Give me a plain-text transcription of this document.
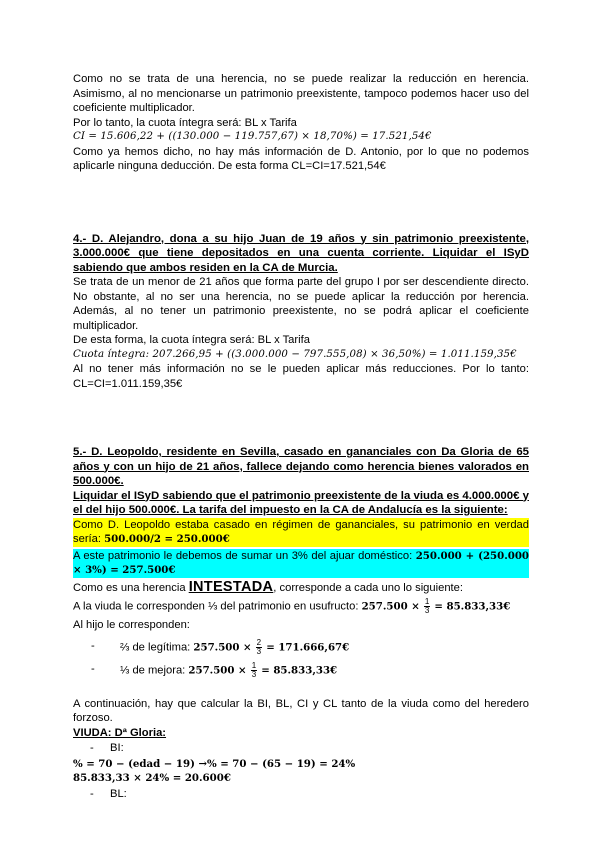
Como no se trata de una herencia, no se puede realizar la reducción en herencia. Asimismo, al no mencionarse un patrimonio preexistente, tampoco podemos hacer uso del coeficiente multiplicador.

Por lo tanto, la cuota íntegra será: BL x Tarifa

CI = 15.606,22 + ((130.000 − 119.757,67) × 18,70%) = 17.521,54€

Como ya hemos dicho, no hay más información de D. Antonio, por lo que no podemos aplicarle ninguna deducción. De esta forma CL=CI=17.521,54€

4.- D. Alejandro, dona a su hijo Juan de 19 años y sin patrimonio preexistente, 3.000.000€ que tiene depositados en una cuenta corriente. Liquidar el ISyD sabiendo que ambos residen en la CA de Murcia.

Se trata de un menor de 21 años que forma parte del grupo I por ser descendiente directo. No obstante, al no ser una herencia, no se puede aplicar la reducción por herencia. Además, al no tener un patrimonio preexistente, no se podrá aplicar el coeficiente multiplicador.

De esta forma, la cuota íntegra será: BL x Tarifa

Cuota íntegra: 207.266,95 + ((3.000.000 − 797.555,08) × 36,50%) = 1.011.159,35€

Al no tener más información no se le pueden aplicar más reducciones. Por lo tanto: CL=CI=1.011.159,35€

5.- D. Leopoldo, residente en Sevilla, casado en gananciales con Da Gloria de 65 años y con un hijo de 21 años, fallece dejando como herencia bienes valorados en 500.000€.

Liquidar el ISyD sabiendo que el patrimonio preexistente de la viuda es 4.000.000€ y el del hijo 500.000€. La tarifa del impuesto en la CA de Andalucía es la siguiente:

Como D. Leopoldo estaba casado en régimen de gananciales, su patrimonio en verdad sería: 500.000/2 = 250.000€

A este patrimonio le debemos de sumar un 3% del ajuar doméstico: 250.000 + (250.000 × 3%) = 257.500€

Como es una herencia INTESTADA, corresponde a cada uno lo siguiente:

A la viuda le corresponden ⅓ del patrimonio en usufructo: $257.500 \times \frac{1}{3}$ = 85.833,33€

Al hijo le corresponden:

- ⅔ de legítima: $257.500 \times \frac{2}{3}$ = 171.666,67€
- ⅓ de mejora: $257.500 \times \frac{1}{3}$ = 85.833,33€

A continuación, hay que calcular la BI, BL, CI y CL tanto de la viuda como del heredero forzoso.

VIUDA: Dª Gloria:

- BI:

% = 70 − (edad − 19) →% = 70 − (65 − 19) = 24%

85.833,33 × 24% = 20.600€

- BL:
